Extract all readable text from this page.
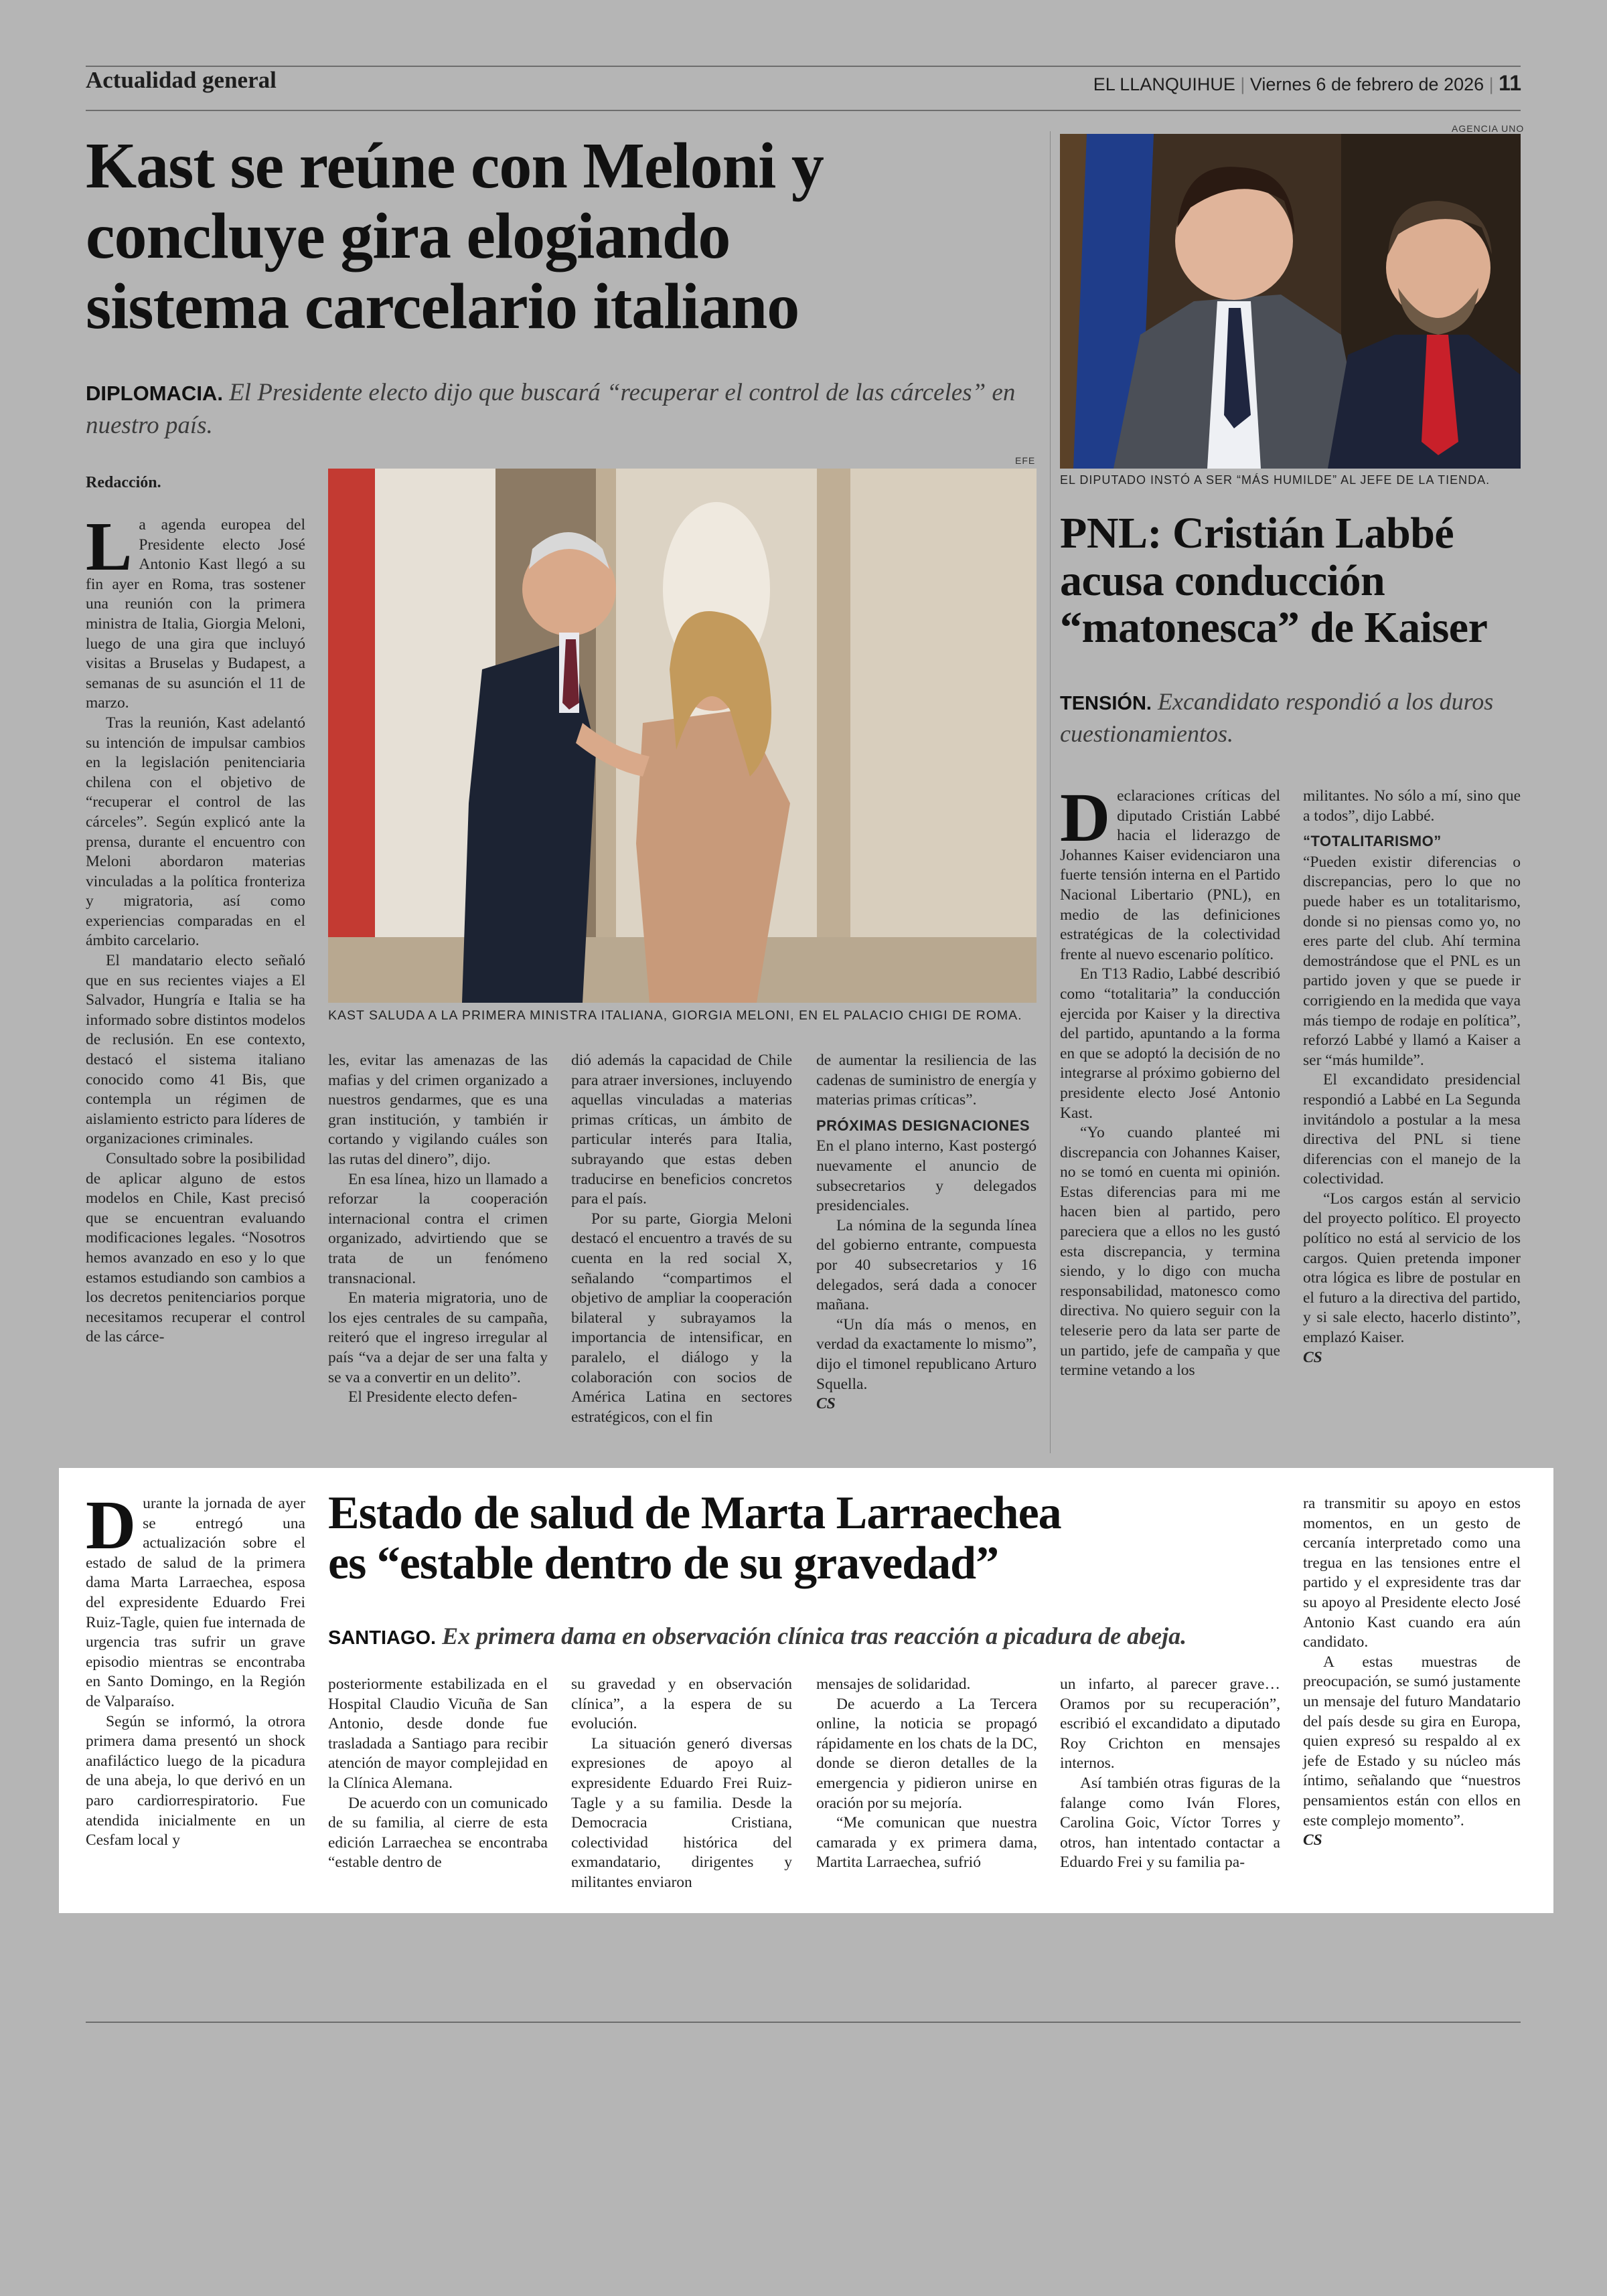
Actualidad general	EL LLANQUIHUE | Viernes 6 de febrero de 2026 | 11
Kast se reúne con Meloni y
concluye gira elogiando
sistema carcelario italiano
DIPLOMACIA. El Presidente electo dijo que buscará “recuperar el control de las cárceles” en nuestro país.
Redacción.
EFE
KAST SALUDA A LA PRIMERA MINISTRA ITALIANA, GIORGIA MELONI, EN EL PALACIO CHIGI DE ROMA.
L a agenda europea del Presidente electo José Antonio Kast llegó a su fin ayer en Roma, tras sostener una reunión con la primera ministra de Italia, Giorgia Meloni, luego de una gira que incluyó visitas a Bruselas y Budapest, a semanas de su asunción el 11 de marzo.

Tras la reunión, Kast adelantó su intención de impulsar cambios en la legislación penitenciaria chilena con el objetivo de “recuperar el control de las cárceles”. Según explicó ante la prensa, durante el encuentro con Meloni abordaron materias vinculadas a la política fronteriza y migratoria, así como experiencias comparadas en el ámbito carcelario.

El mandatario electo señaló que en sus recientes viajes a El Salvador, Hungría e Italia se ha informado sobre distintos modelos de reclusión. En ese contexto, destacó el sistema italiano conocido como 41 Bis, que contempla un régimen de aislamiento estricto para líderes de organizaciones criminales.

Consultado sobre la posibilidad de aplicar alguno de estos modelos en Chile, Kast precisó que se encuentran evaluando modificaciones legales. “Nosotros hemos avanzado en eso y lo que estamos estudiando son cambios a los decretos penitenciarios porque necesitamos recuperar el control de las cárce-

les, evitar las amenazas de las mafias y del crimen organizado a nuestros gendarmes, que es una gran institución, y también ir cortando y vigilando cuáles son las rutas del dinero”, dijo.

En esa línea, hizo un llamado a reforzar la cooperación internacional contra el crimen organizado, advirtiendo que se trata de un fenómeno transnacional.

En materia migratoria, uno de los ejes centrales de su campaña, reiteró que el ingreso irregular al país “va a dejar de ser una falta y se va a convertir en un delito”.

El Presidente electo defen-

dió además la capacidad de Chile para atraer inversiones, incluyendo aquellas vinculadas a materias primas críticas, un ámbito de particular interés para Italia, subrayando que estas deben traducirse en beneficios concretos para el país.

Por su parte, Giorgia Meloni destacó el encuentro a través de su cuenta en la red social X, señalando “compartimos el objetivo de ampliar la cooperación bilateral y subrayamos la importancia de intensificar, en paralelo, el diálogo y la colaboración con socios de América Latina en sectores estratégicos, con el fin

de aumentar la resiliencia de las cadenas de suministro de energía y materias primas críticas”.

PRÓXIMAS DESIGNACIONES

En el plano interno, Kast postergó nuevamente el anuncio de subsecretarios y delegados presidenciales.

La nómina de la segunda línea del gobierno entrante, compuesta por 40 subsecretarios y 16 delegados, será dada a conocer mañana.

“Un día más o menos, en verdad da exactamente lo mismo”, dijo el timonel republicano Arturo Squella.

CS
AGENCIA UNO
EL DIPUTADO INSTÓ A SER “MÁS HUMILDE” AL JEFE DE LA TIENDA.
PNL: Cristián Labbé
acusa conducción
“matonesca” de Kaiser
TENSIÓN. Excandidato respondió a los duros cuestionamientos.
D eclaraciones críticas del diputado Cristián Labbé hacia el liderazgo de Johannes Kaiser evidenciaron una fuerte tensión interna en el Partido Nacional Libertario (PNL), en medio de las definiciones estratégicas de la colectividad frente al nuevo escenario político.

En T13 Radio, Labbé describió como “totalitaria” la conducción ejercida por Kaiser y la directiva del partido, apuntando a la forma en que se adoptó la decisión de no integrarse al próximo gobierno del presidente electo José Antonio Kast.

“Yo cuando planteé mi discrepancia con Johannes Kaiser, no se tomó en cuenta mi opinión. Estas diferencias para mi me hacen bien al partido, pero pareciera que a ellos no les gustó esta discrepancia, y termina siendo, y lo digo con mucha responsabilidad, matonesco como directiva. No quiero seguir con la teleserie pero da lata ser parte de un partido, jefe de campaña y que termine vetando a los

militantes. No sólo a mí, sino que a todos”, dijo Labbé.

“TOTALITARISMO”

“Pueden existir diferencias o discrepancias, pero lo que no puede haber es un totalitarismo, donde si no piensas como yo, no eres parte del club. Ahí termina demostrándose que el PNL es un partido joven y que se puede ir corrigiendo en la medida que vaya más tiempo de rodaje en política”, reforzó Labbé y llamó a Kaiser a ser “más humilde”.

El excandidato presidencial respondió a Labbé en La Segunda invitándolo a postular a la mesa directiva del PNL si tiene diferencias con el manejo de la colectividad.

“Los cargos están al servicio del proyecto político. El proyecto político no está al servicio de los cargos. Quien pretenda imponer otra lógica es libre de postular en el futuro a la directiva del partido, y si sale electo, hacerlo distinto”, emplazó Kaiser.

CS
D urante la jornada de ayer se entregó una actualización sobre el estado de salud de la primera dama Marta Larraechea, esposa del expresidente Eduardo Frei Ruiz-Tagle, quien fue internada de urgencia tras sufrir un grave episodio mientras se encontraba en Santo Domingo, en la Región de Valparaíso.

Según se informó, la otrora primera dama presentó un shock anafiláctico luego de la picadura de una abeja, lo que derivó en un paro cardiorrespiratorio. Fue atendida inicialmente en un Cesfam local y

Estado de salud de Marta Larraechea
es “estable dentro de su gravedad”
SANTIAGO. Ex primera dama en observación clínica tras reacción a picadura de abeja.

posteriormente estabilizada en el Hospital Claudio Vicuña de San Antonio, desde donde fue trasladada a Santiago para recibir atención de mayor complejidad en la Clínica Alemana.

De acuerdo con un comunicado de su familia, al cierre de esta edición Larraechea se encontraba “estable dentro de

su gravedad y en observación clínica”, a la espera de su evolución.

La situación generó diversas expresiones de apoyo al expresidente Eduardo Frei Ruiz-Tagle y a su familia. Desde la Democracia Cristiana, colectividad histórica del exmandatario, dirigentes y militantes enviaron

mensajes de solidaridad.

De acuerdo a La Tercera online, la noticia se propagó rápidamente en los chats de la DC, donde se dieron detalles de la emergencia y pidieron unirse en oración por su mejoría.

“Me comunican que nuestra camarada y ex primera dama, Martita Larraechea, sufrió

un infarto, al parecer grave… Oramos por su recuperación”, escribió el excandidato a diputado Roy Crichton en mensajes internos.

Así también otras figuras de la falange como Iván Flores, Carolina Goic, Víctor Torres y otros, han intentado contactar a Eduardo Frei y su familia pa-

ra transmitir su apoyo en estos momentos, en un gesto de cercanía interpretado como una tregua en las tensiones entre el partido y el expresidente tras dar su apoyo al Presidente electo José Antonio Kast cuando era aún candidato.

A estas muestras de preocupación, se sumó justamente un mensaje del futuro Mandatario del país desde su gira en Europa, quien expresó su respaldo al ex jefe de Estado y su núcleo más íntimo, señalando que “nuestros pensamientos están con ellos en este complejo momento”.

CS
